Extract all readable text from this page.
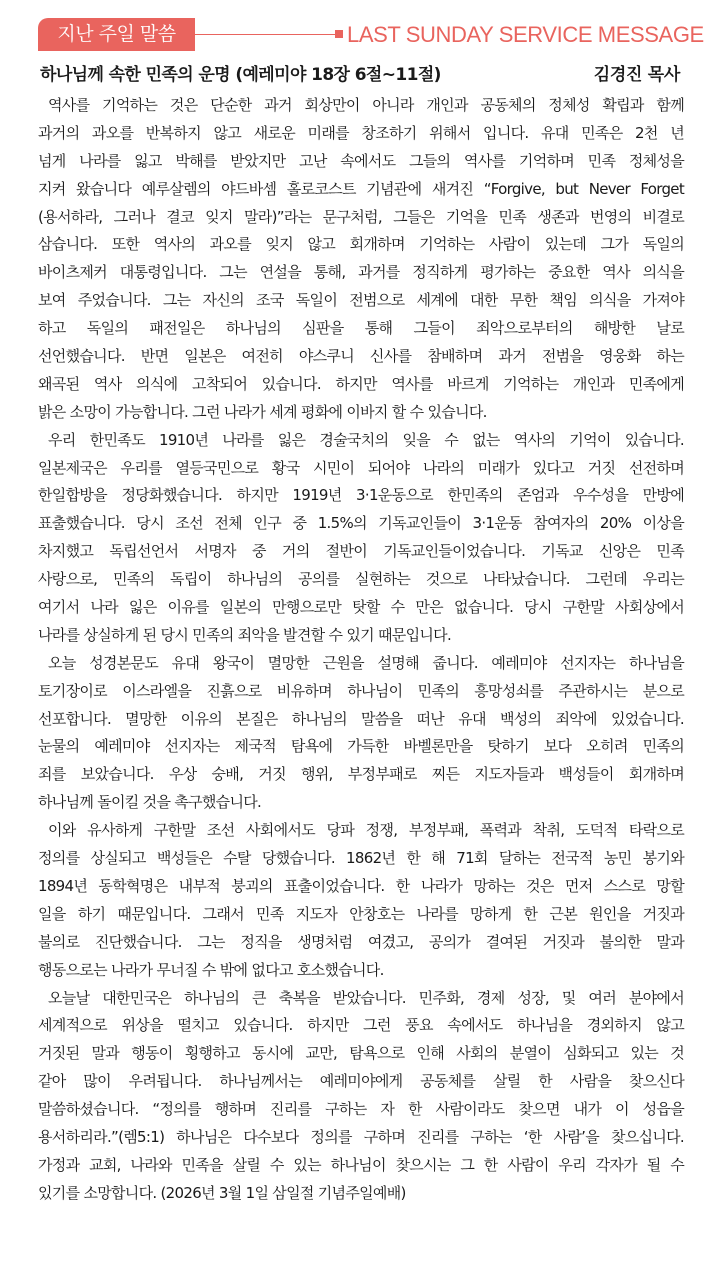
지난 주일 말씀	LAST SUNDAY SERVICE MESSAGE
하나님께 속한 민족의 운명 (예레미야 18장 6절~11절)	김경진 목사
역사를 기억하는 것은 단순한 과거 회상만이 아니라 개인과 공동체의 정체성 확립과 함께
과거의 과오를 반복하지 않고 새로운 미래를 창조하기 위해서 입니다. 유대 민족은 2천 년
넘게 나라를 잃고 박해를 받았지만 고난 속에서도 그들의 역사를 기억하며 민족 정체성을
지켜 왔습니다 예루살렘의 야드바셈 홀로코스트 기념관에 새겨진 “Forgive, but Never Forget
(용서하라, 그러나 결코 잊지 말라)”라는 문구처럼, 그들은 기억을 민족 생존과 번영의 비결로
삼습니다. 또한 역사의 과오를 잊지 않고 회개하며 기억하는 사람이 있는데 그가 독일의
바이츠제커 대통령입니다. 그는 연설을 통해, 과거를 정직하게 평가하는 중요한 역사 의식을
보여 주었습니다. 그는 자신의 조국 독일이 전범으로 세계에 대한 무한 책임 의식을 가져야
하고 독일의 패전일은 하나님의 심판을 통해 그들이 죄악으로부터의 해방한 날로
선언했습니다. 반면 일본은 여전히 야스쿠니 신사를 참배하며 과거 전범을 영웅화 하는
왜곡된 역사 의식에 고착되어 있습니다. 하지만 역사를 바르게 기억하는 개인과 민족에게
밝은 소망이 가능합니다. 그런 나라가 세계 평화에 이바지 할 수 있습니다.
우리 한민족도 1910년 나라를 잃은 경술국치의 잊을 수 없는 역사의 기억이 있습니다.
일본제국은 우리를 열등국민으로 황국 시민이 되어야 나라의 미래가 있다고 거짓 선전하며
한일합방을 정당화했습니다. 하지만 1919년 3·1운동으로 한민족의 존엄과 우수성을 만방에
표출했습니다. 당시 조선 전체 인구 중 1.5%의 기독교인들이 3·1운동 참여자의 20% 이상을
차지했고 독립선언서 서명자 중 거의 절반이 기독교인들이었습니다. 기독교 신앙은 민족
사랑으로, 민족의 독립이 하나님의 공의를 실현하는 것으로 나타났습니다. 그런데 우리는
여기서 나라 잃은 이유를 일본의 만행으로만 탓할 수 만은 없습니다. 당시 구한말 사회상에서
나라를 상실하게 된 당시 민족의 죄악을 발견할 수 있기 때문입니다.
오늘 성경본문도 유대 왕국이 멸망한 근원을 설명해 줍니다. 예레미야 선지자는 하나님을
토기장이로 이스라엘을 진흙으로 비유하며 하나님이 민족의 흥망성쇠를 주관하시는 분으로
선포합니다. 멸망한 이유의 본질은 하나님의 말씀을 떠난 유대 백성의 죄악에 있었습니다.
눈물의 예레미야 선지자는 제국적 탐욕에 가득한 바벨론만을 탓하기 보다 오히려 민족의
죄를 보았습니다. 우상 숭배, 거짓 행위, 부정부패로 찌든 지도자들과 백성들이 회개하며
하나님께 돌이킬 것을 촉구했습니다.
이와 유사하게 구한말 조선 사회에서도 당파 정쟁, 부정부패, 폭력과 착취, 도덕적 타락으로
정의를 상실되고 백성들은 수탈 당했습니다. 1862년 한 해 71회 달하는 전국적 농민 봉기와
1894년 동학혁명은 내부적 붕괴의 표출이었습니다. 한 나라가 망하는 것은 먼저 스스로 망할
일을 하기 때문입니다. 그래서 민족 지도자 안창호는 나라를 망하게 한 근본 원인을 거짓과
불의로 진단했습니다. 그는 정직을 생명처럼 여겼고, 공의가 결여된 거짓과 불의한 말과
행동으로는 나라가 무너질 수 밖에 없다고 호소했습니다.
오늘날 대한민국은 하나님의 큰 축복을 받았습니다. 민주화, 경제 성장, 및 여러 분야에서
세계적으로 위상을 떨치고 있습니다. 하지만 그런 풍요 속에서도 하나님을 경외하지 않고
거짓된 말과 행동이 횡행하고 동시에 교만, 탐욕으로 인해 사회의 분열이 심화되고 있는 것
같아 많이 우려됩니다. 하나님께서는 예레미야에게 공동체를 살릴 한 사람을 찾으신다
말씀하셨습니다. “정의를 행하며 진리를 구하는 자 한 사람이라도 찾으면 내가 이 성읍을
용서하리라.”(렘5:1) 하나님은 다수보다 정의를 구하며 진리를 구하는 ‘한 사람’을 찾으십니다.
가정과 교회, 나라와 민족을 살릴 수 있는 하나님이 찾으시는 그 한 사람이 우리 각자가 될 수
있기를 소망합니다. (2026년 3월 1일 삼일절 기념주일예배)
